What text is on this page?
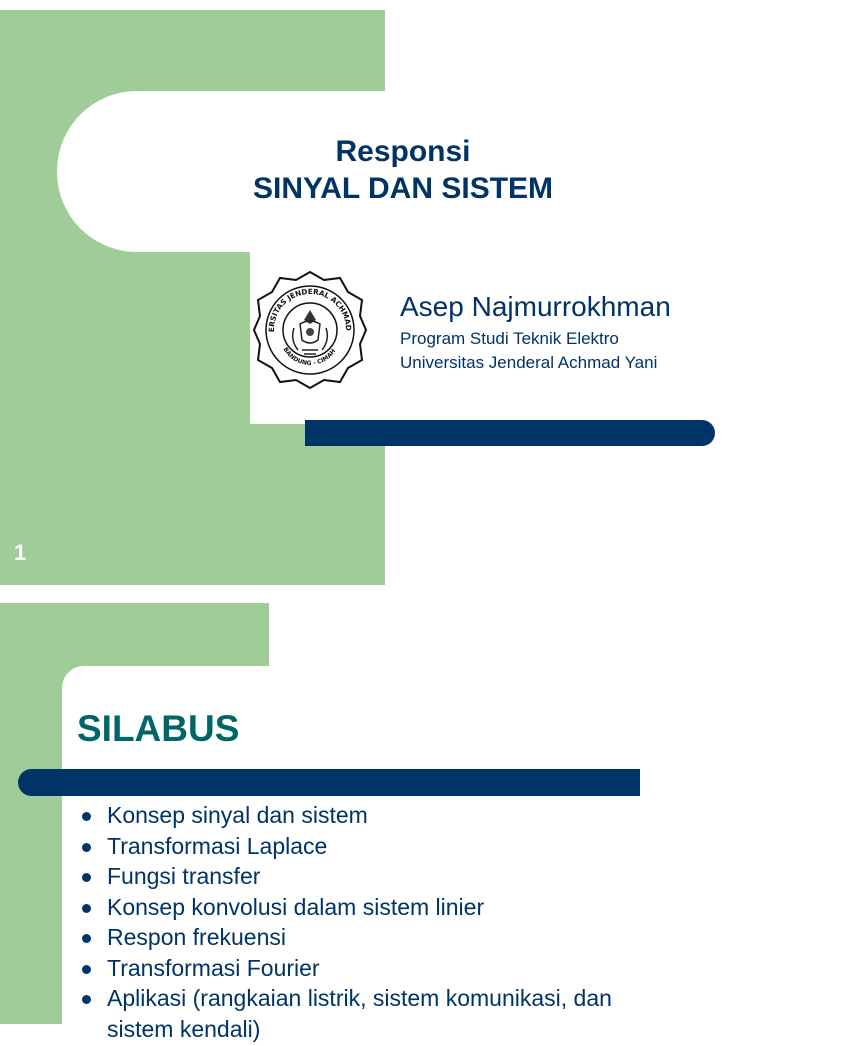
Responsi
SINYAL DAN SISTEM
ERSITAS JENDERAL ACHMAD
BANDUNG - CIMAH
Asep Najmurrokhman
Program Studi Teknik Elektro
Universitas Jenderal Achmad Yani
1
SILABUS
Konsep sinyal dan sistem
Transformasi Laplace
Fungsi transfer
Konsep konvolusi dalam sistem linier
Respon frekuensi
Transformasi Fourier
Aplikasi (rangkaian listrik, sistem komunikasi, dan
sistem kendali)
